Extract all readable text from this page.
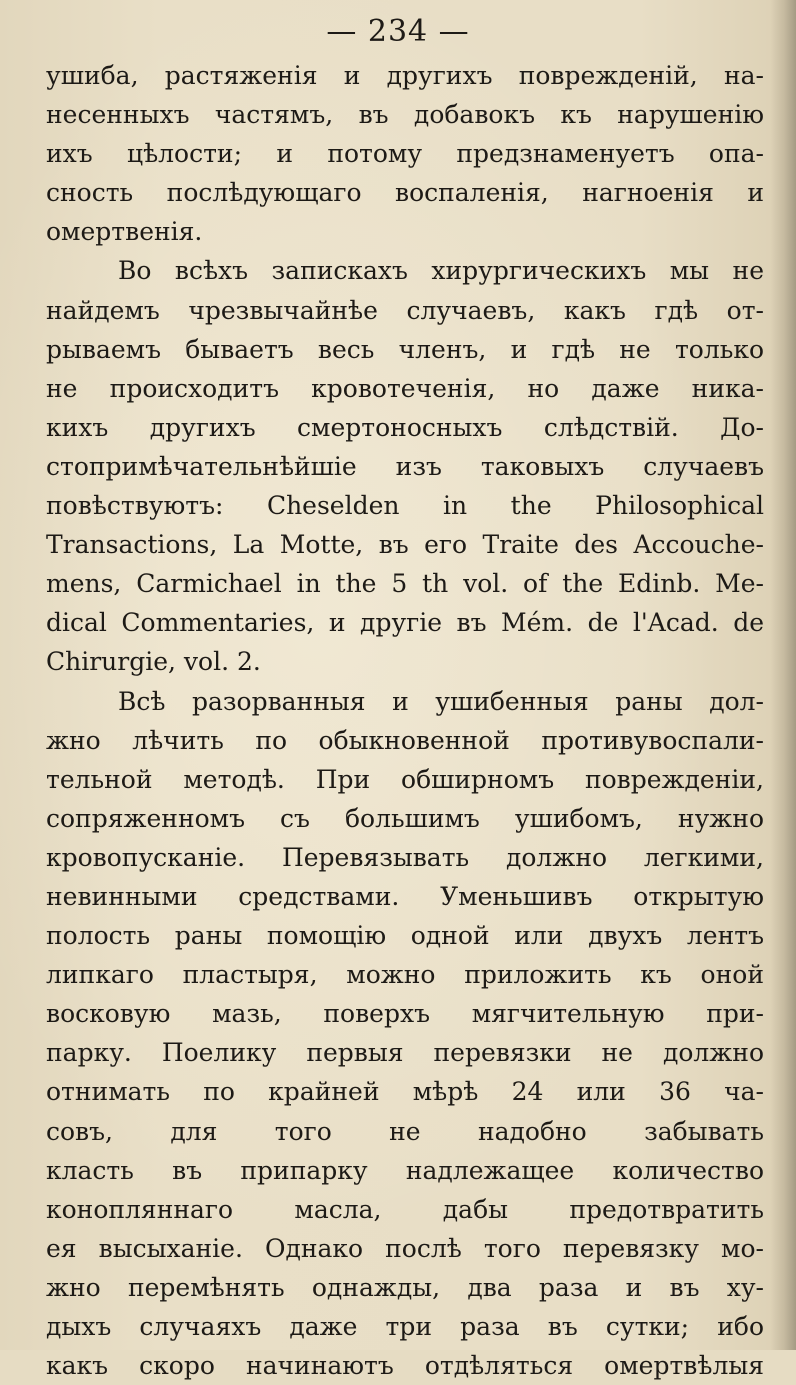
— 234 —
ушиба, растяженія и другихъ поврежденій, на-
несенныхъ частямъ, въ добавокъ къ нарушенію
ихъ цѣлости; и потому предзнаменуетъ опа-
сность послѣдующаго воспаленія, нагноенія и
омертвенія.
Во всѣхъ запискахъ хирургическихъ мы не
найдемъ чрезвычайнѣе случаевъ, какъ гдѣ от-
рываемъ бываетъ весь членъ, и гдѣ не только
не происходитъ кровотеченія, но даже никa-
кихъ другихъ смертоносныхъ слѣдствій. До-
стопримѣчательнѣйшіе изъ таковыхъ случаевъ
повѣствуютъ: Cheselden in the Philosophical
Transactions, La Motte, въ его Traite des Accouche-
mens, Carmichael in the 5 th vol. of the Edinb. Me-
dical Commentaries, и другіе въ Mém. de l'Acad. de
Chirurgie, vol. 2.
Всѣ разорванныя и ушибенныя раны дол-
жно лѣчить по обыкновенной противувоспали-
тельной методѣ. При обширномъ поврежденіи,
сопряженномъ съ большимъ ушибомъ, нужно
кровопусканіе. Перевязывать должно легкими,
невинными средствами. Уменьшивъ открытую
полость раны помощію одной или двухъ лентъ
липкаго пластыря, можно приложить къ оной
восковую мазь, поверхъ мягчительную при-
парку. Поелику первыя перевязки не должно
отнимать по крайней мѣрѣ 24 или 36 ча-
совъ, для того не надобно забывать
класть въ припарку надлежащее количество
конопляннаго масла, дабы предотвратить
ея высыханіе. Однако послѣ того перевязку мо-
жно перемѣнять однажды, два раза и въ ху-
дыхъ случаяхъ даже три раза въ сутки; ибо
какъ скоро начинаютъ отдѣляться омертвѣлыя
